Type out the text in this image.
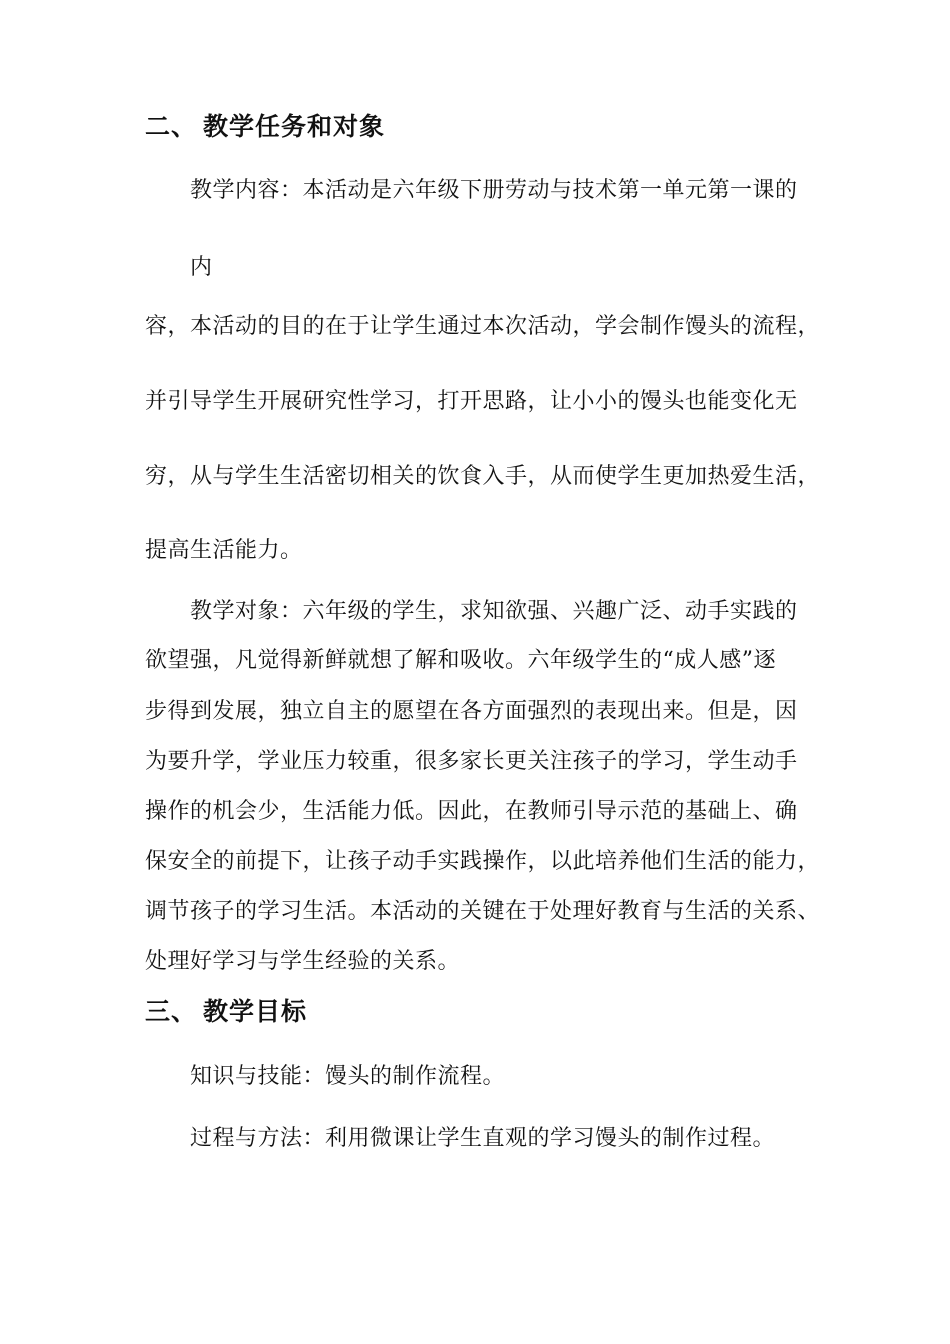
二、 教学任务和对象

教学内容：本活动是六年级下册劳动与技术第一单元第一课的

内

容，本活动的目的在于让学生通过本次活动，学会制作馒头的流程，

并引导学生开展研究性学习，打开思路，让小小的馒头也能变化无

穷，从与学生生活密切相关的饮食入手，从而使学生更加热爱生活，

提高生活能力。

教学对象：六年级的学生，求知欲强、兴趣广泛、动手实践的

欲望强，凡觉得新鲜就想了解和吸收。六年级学生的“成人感”逐

步得到发展，独立自主的愿望在各方面强烈的表现出来。但是，因

为要升学，学业压力较重，很多家长更关注孩子的学习，学生动手

操作的机会少，生活能力低。因此，在教师引导示范的基础上、确

保安全的前提下，让孩子动手实践操作，以此培养他们生活的能力，

调节孩子的学习生活。本活动的关键在于处理好教育与生活的关系、

处理好学习与学生经验的关系。

三、 教学目标

知识与技能：馒头的制作流程。

过程与方法：利用微课让学生直观的学习馒头的制作过程。
